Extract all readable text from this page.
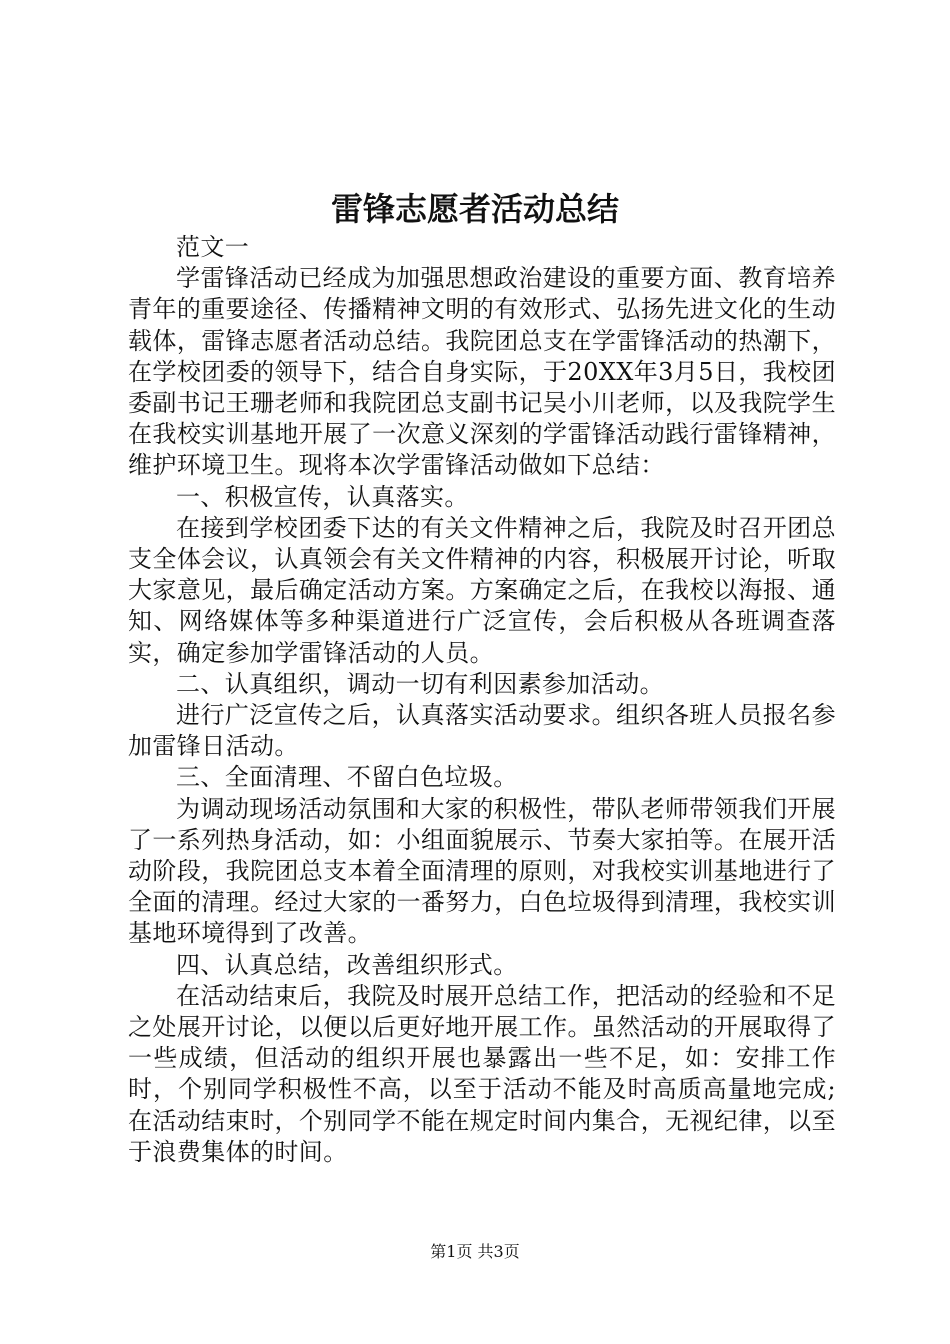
雷锋志愿者活动总结

范文一

学雷锋活动已经成为加强思想政治建设的重要方面、教育培养青年的重要途径、传播精神文明的有效形式、弘扬先进文化的生动载体，雷锋志愿者活动总结。我院团总支在学雷锋活动的热潮下，在学校团委的领导下，结合自身实际，于20XX年3月5日，我校团委副书记王珊老师和我院团总支副书记吴小川老师，以及我院学生在我校实训基地开展了一次意义深刻的学雷锋活动践行雷锋精神，维护环境卫生。现将本次学雷锋活动做如下总结：

一、积极宣传，认真落实。

在接到学校团委下达的有关文件精神之后，我院及时召开团总支全体会议，认真领会有关文件精神的内容，积极展开讨论，听取大家意见，最后确定活动方案。方案确定之后，在我校以海报、通知、网络媒体等多种渠道进行广泛宣传，会后积极从各班调查落实，确定参加学雷锋活动的人员。

二、认真组织，调动一切有利因素参加活动。

进行广泛宣传之后，认真落实活动要求。组织各班人员报名参加雷锋日活动。

三、全面清理、不留白色垃圾。

为调动现场活动氛围和大家的积极性，带队老师带领我们开展了一系列热身活动，如：小组面貌展示、节奏大家拍等。在展开活动阶段，我院团总支本着全面清理的原则，对我校实训基地进行了全面的清理。经过大家的一番努力，白色垃圾得到清理，我校实训基地环境得到了改善。

四、认真总结，改善组织形式。

在活动结束后，我院及时展开总结工作，把活动的经验和不足之处展开讨论，以便以后更好地开展工作。虽然活动的开展取得了一些成绩，但活动的组织开展也暴露出一些不足，如：安排工作时，个别同学积极性不高，以至于活动不能及时高质高量地完成;在活动结束时，个别同学不能在规定时间内集合，无视纪律，以至于浪费集体的时间。

第1页 共3页
